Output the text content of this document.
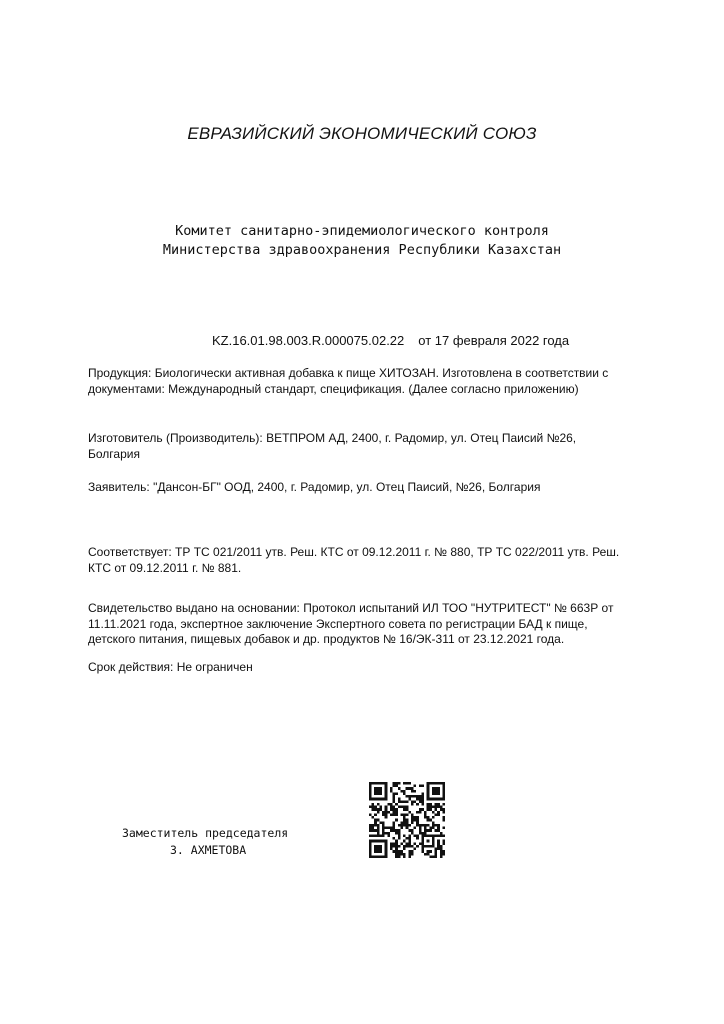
ЕВРАЗИЙСКИЙ ЭКОНОМИЧЕСКИЙ СОЮЗ
Комитет санитарно-эпидемиологического контроля
Министерства здравоохранения Республики Казахстан
KZ.16.01.98.003.R.000075.02.22 от 17 февраля 2022 года
Продукция: Биологически активная добавка к пище ХИТОЗАН. Изготовлена в соответствии с документами: Международный стандарт, спецификация. (Далее согласно приложению)
Изготовитель (Производитель): ВЕТПРОМ АД, 2400, г. Радомир, ул. Отец Паисий №26, Болгария
Заявитель: "Дансон-БГ" ООД, 2400, г. Радомир, ул. Отец Паисий, №26, Болгария
Соответствует: ТР ТС 021/2011 утв. Реш. КТС от 09.12.2011 г. № 880, ТР ТС 022/2011 утв. Реш. КТС от 09.12.2011 г. № 881.
Свидетельство выдано на основании: Протокол испытаний ИЛ ТОО "НУТРИТЕСТ" № 663Р от 11.11.2021 года, экспертное заключение Экспертного совета по регистрации БАД к пище, детского питания, пищевых добавок и др. продуктов № 16/ЭК-311 от 23.12.2021 года.
Срок действия: Не ограничен
Заместитель председателя
З. АХМЕТОВА
